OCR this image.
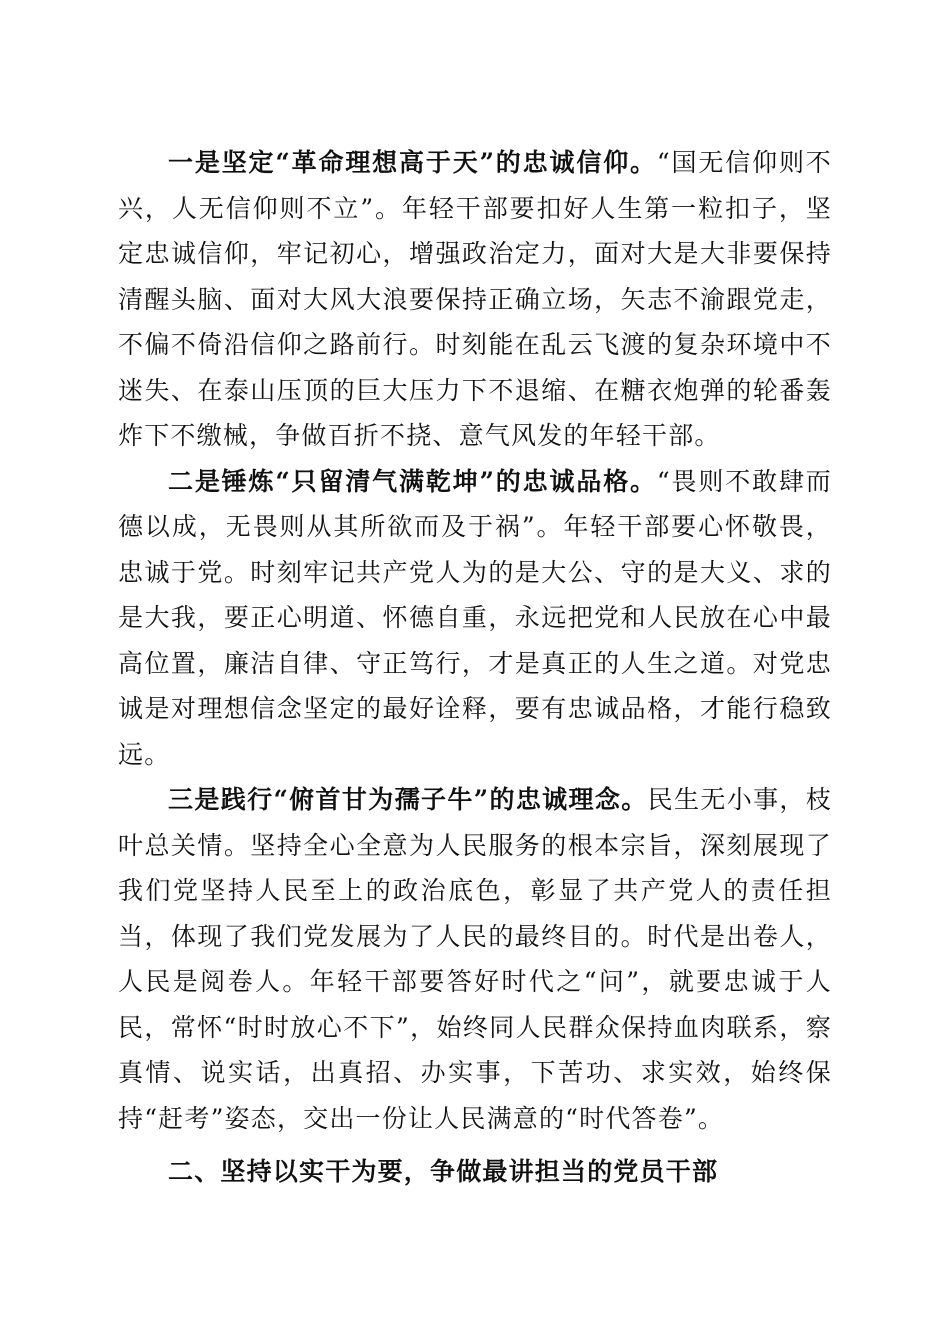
一是坚定“革命理想高于天”的忠诚信仰。“国无信仰则不兴，人无信仰则不立”。年轻干部要扣好人生第一粒扣子，坚定忠诚信仰，牢记初心，增强政治定力，面对大是大非要保持清醒头脑、面对大风大浪要保持正确立场，矢志不渝跟党走，不偏不倚沿信仰之路前行。时刻能在乱云飞渡的复杂环境中不迷失、在泰山压顶的巨大压力下不退缩、在糖衣炮弹的轮番轰炸下不缴械，争做百折不挠、意气风发的年轻干部。

二是锤炼“只留清气满乾坤”的忠诚品格。“畏则不敢肆而德以成，无畏则从其所欲而及于祸”。年轻干部要心怀敬畏，忠诚于党。时刻牢记共产党人为的是大公、守的是大义、求的是大我，要正心明道、怀德自重，永远把党和人民放在心中最高位置，廉洁自律、守正笃行，才是真正的人生之道。对党忠诚是对理想信念坚定的最好诠释，要有忠诚品格，才能行稳致远。

三是践行“俯首甘为孺子牛”的忠诚理念。民生无小事，枝叶总关情。坚持全心全意为人民服务的根本宗旨，深刻展现了我们党坚持人民至上的政治底色，彰显了共产党人的责任担当，体现了我们党发展为了人民的最终目的。时代是出卷人，人民是阅卷人。年轻干部要答好时代之“问”，就要忠诚于人民，常怀“时时放心不下”，始终同人民群众保持血肉联系，察真情、说实话，出真招、办实事，下苦功、求实效，始终保持“赶考”姿态，交出一份让人民满意的“时代答卷”。

二、坚持以实干为要，争做最讲担当的党员干部
